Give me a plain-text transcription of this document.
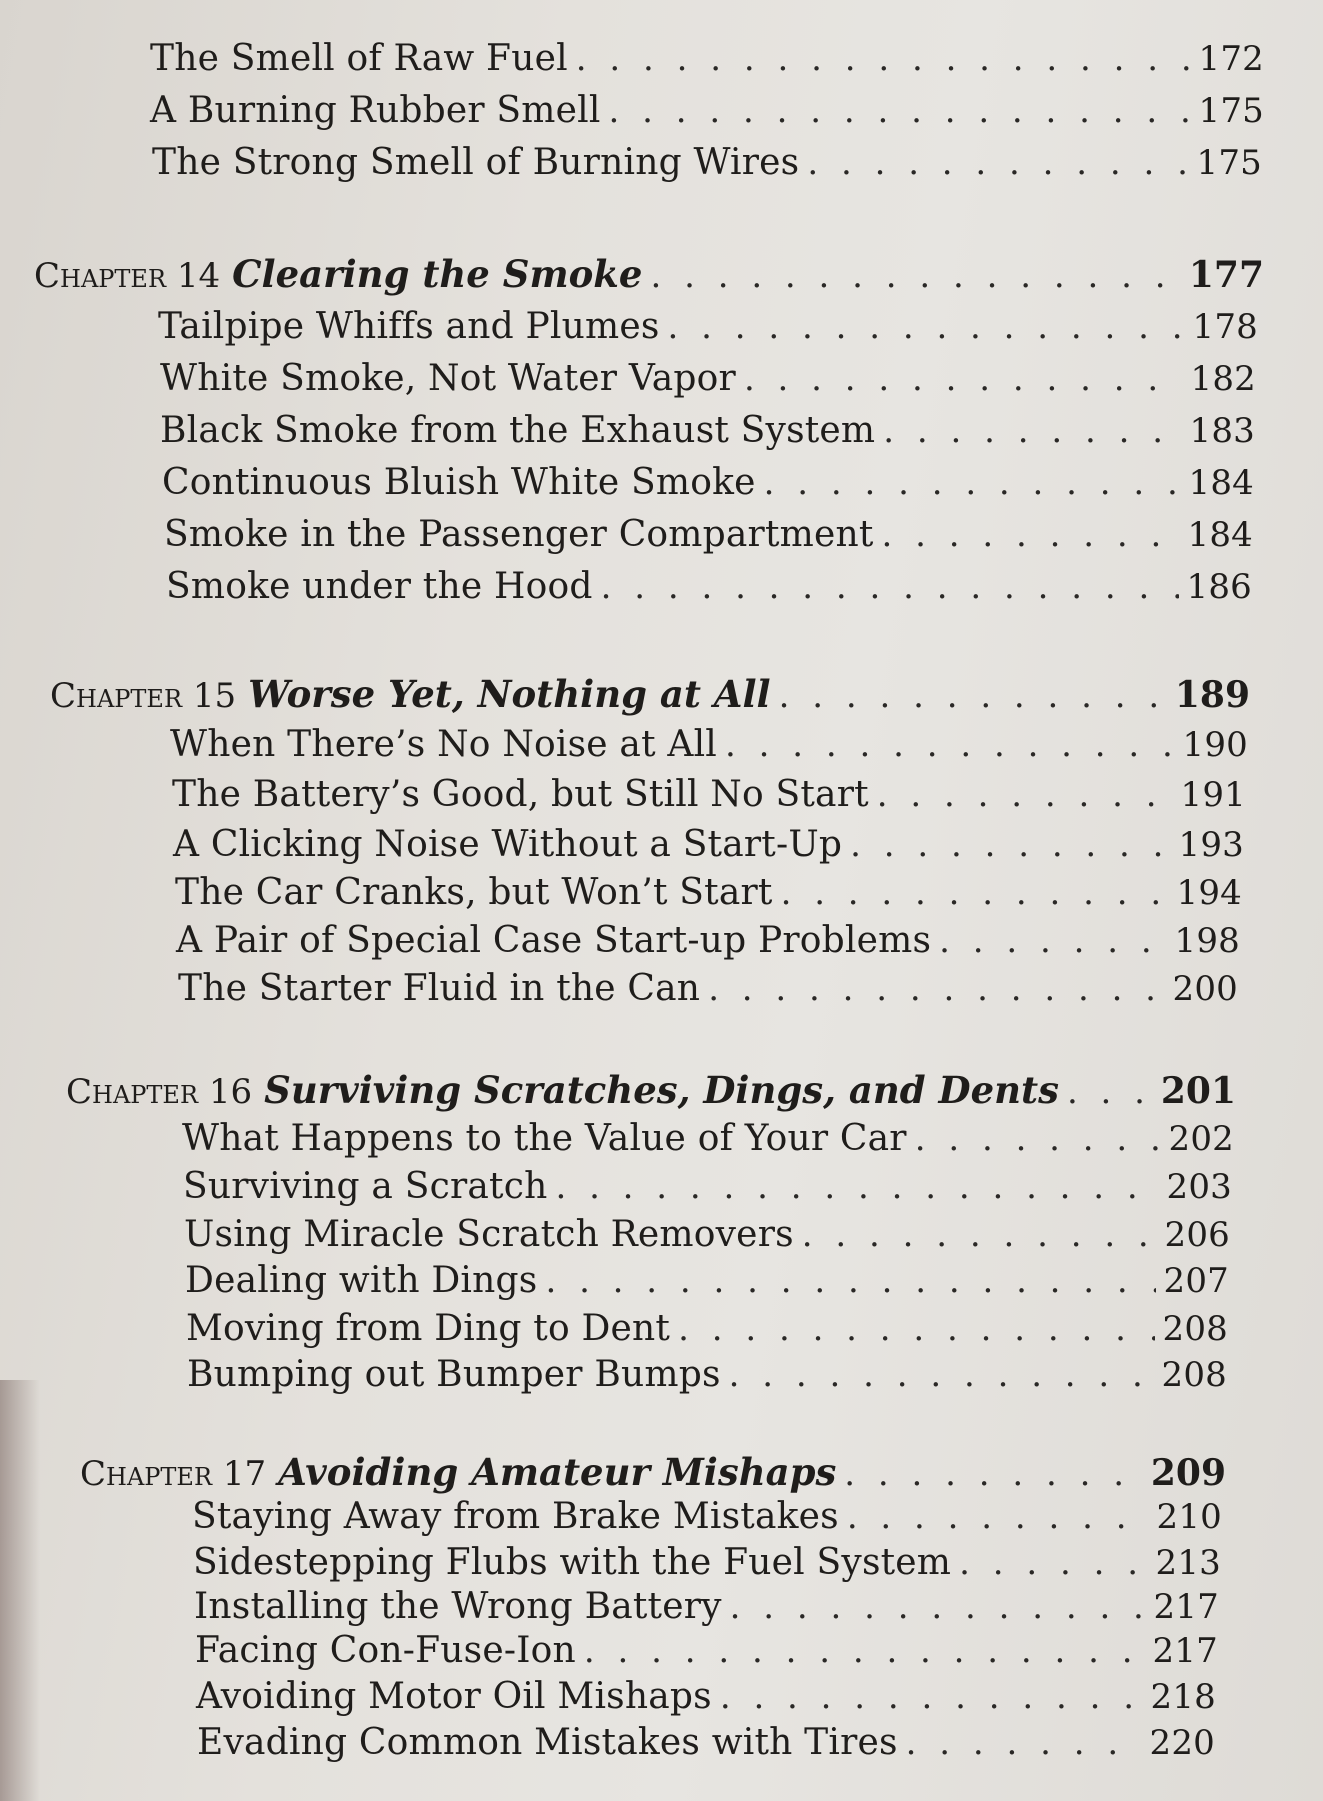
The Smell of Raw Fuel . . .	172
A Burning Rubber Smell . . .	175
The Strong Smell of Burning Wires . . .	175
Chapter 14 Clearing the Smoke . . .	177
Tailpipe Whiffs and Plumes . . .	178
White Smoke, Not Water Vapor . . .	182
Black Smoke from the Exhaust System . . .	183
Continuous Bluish White Smoke . . .	184
Smoke in the Passenger Compartment . . .	184
Smoke under the Hood . . .	186
Chapter 15 Worse Yet, Nothing at All . . .	189
When There’s No Noise at All . . .	190
The Battery’s Good, but Still No Start . . .	191
A Clicking Noise Without a Start-Up . . .	193
The Car Cranks, but Won’t Start . . .	194
A Pair of Special Case Start-up Problems . . .	198
The Starter Fluid in the Can . . .	200
Chapter 16 Surviving Scratches, Dings, and Dents . . .	201
What Happens to the Value of Your Car . . .	202
Surviving a Scratch . . .	203
Using Miracle Scratch Removers . . .	206
Dealing with Dings . . .	207
Moving from Ding to Dent . . .	208
Bumping out Bumper Bumps . . .	208
Chapter 17 Avoiding Amateur Mishaps . . .	209
Staying Away from Brake Mistakes . . .	210
Sidestepping Flubs with the Fuel System . . .	213
Installing the Wrong Battery . . .	217
Facing Con-Fuse-Ion . . .	217
Avoiding Motor Oil Mishaps . . .	218
Evading Common Mistakes with Tires . . .	220
